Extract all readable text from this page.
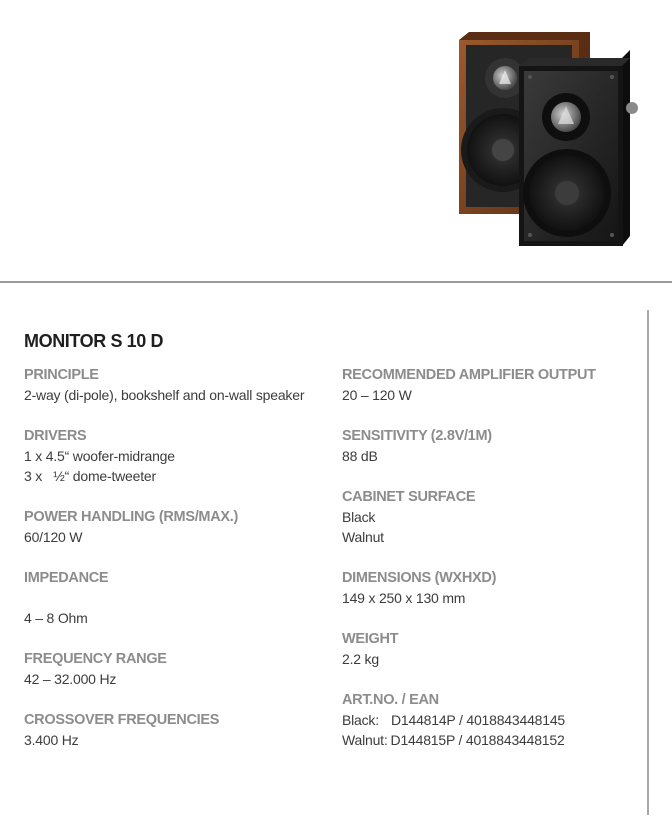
MONITOR S 10 D
PRINCIPLE
2-way (di-pole), bookshelf and on-wall speaker
DRIVERS
1 x 4.5“ woofer-midrange
3 x   ½“ dome-tweeter
POWER HANDLING (RMS/MAX.)
60/120 W
IMPEDANCE
4 – 8 Ohm
FREQUENCY RANGE
42 – 32.000 Hz
CROSSOVER FREQUENCIES
3.400 Hz
RECOMMENDED AMPLIFIER OUTPUT
20 – 120 W
SENSITIVITY (2.8V/1M)
88 dB
CABINET SURFACE
Black
Walnut
DIMENSIONS (WXHXD)
149 x 250 x 130 mm
WEIGHT
2.2 kg
ART.NO. / EAN
Black: D144814P / 4018843448145
Walnut: D144815P / 4018843448152
